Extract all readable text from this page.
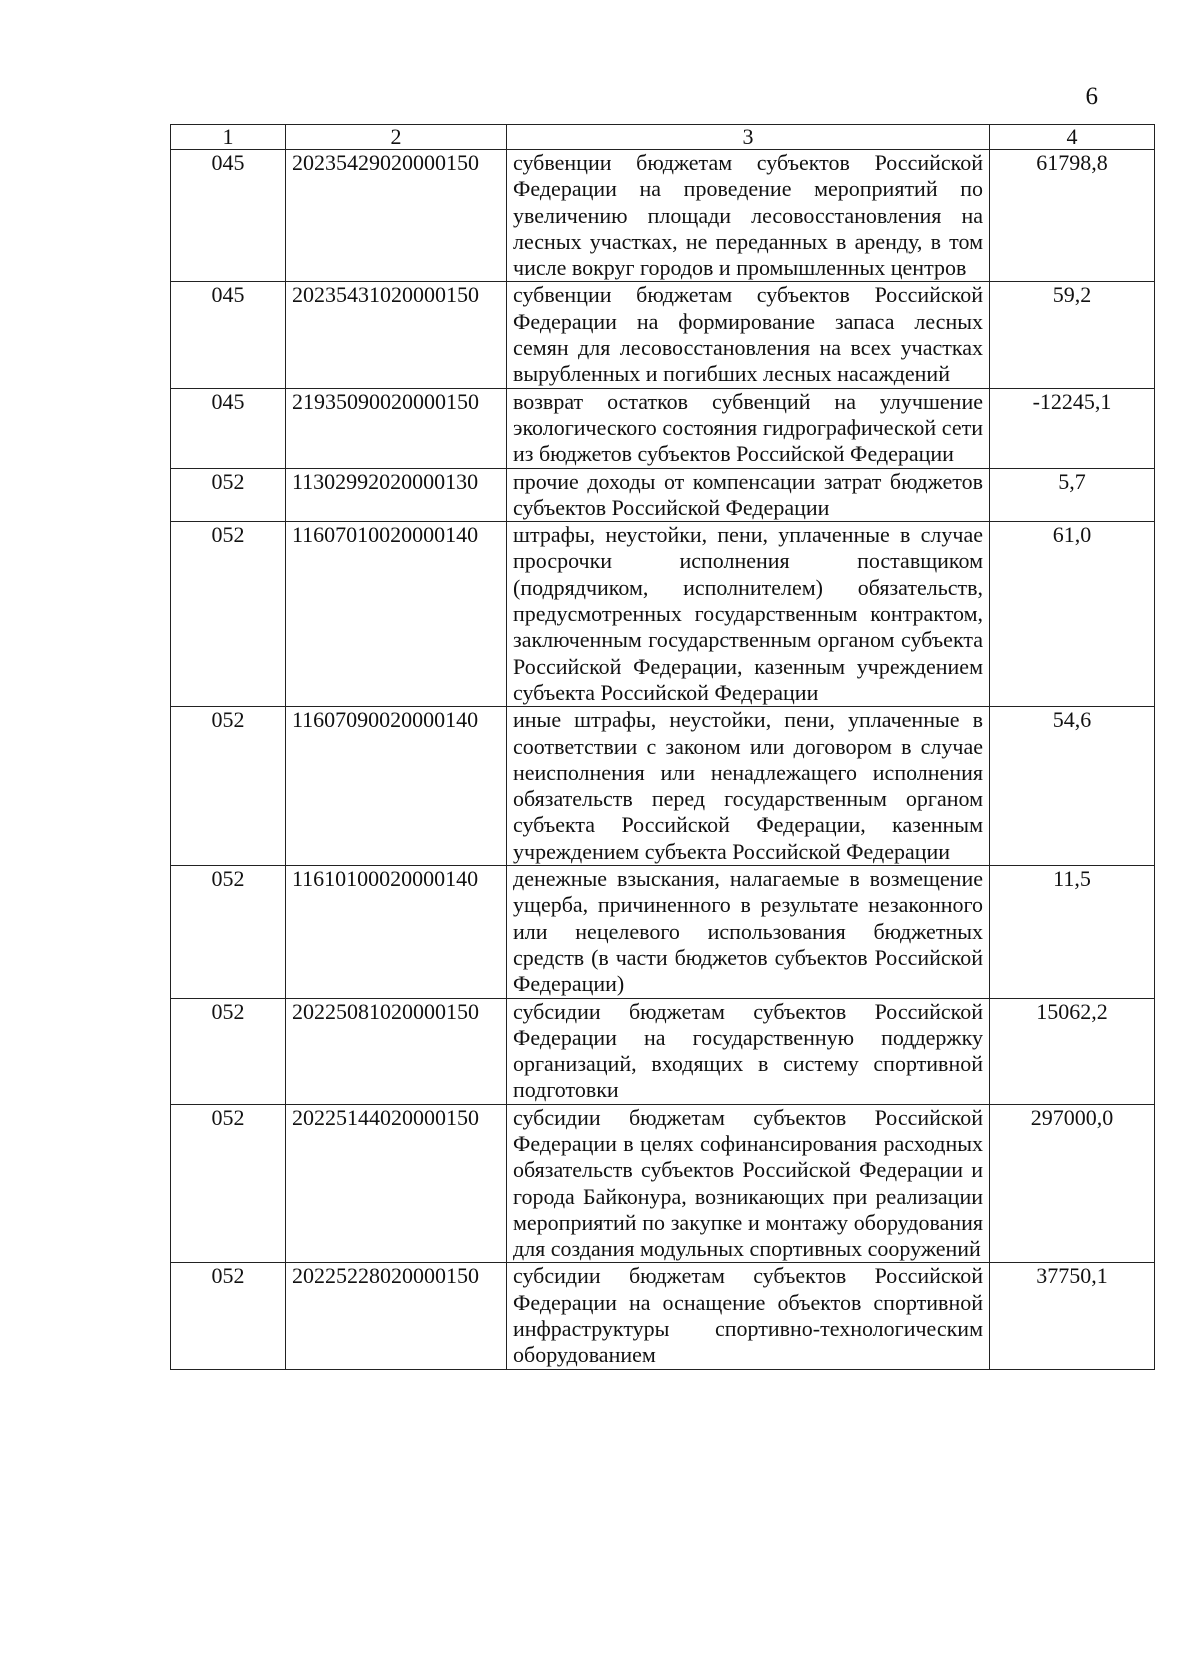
6
1	2	3	4
045	20235429020000150	субвенции бюджетам субъектов Российской Федерации на проведение мероприятий по увеличению площади лесовосстановления на лесных участках, не переданных в аренду, в том числе вокруг городов и промышленных центров	61798,8
045	20235431020000150	субвенции бюджетам субъектов Российской Федерации на формирование запаса лесных семян для лесовосстановления на всех участках вырубленных и погибших лесных насаждений	59,2
045	21935090020000150	возврат остатков субвенций на улучшение экологического состояния гидрографической сети из бюджетов субъектов Российской Федерации	-12245,1
052	11302992020000130	прочие доходы от компенсации затрат бюджетов субъектов Российской Федерации	5,7
052	11607010020000140	штрафы, неустойки, пени, уплаченные в случае просрочки исполнения поставщиком (подрядчиком, исполнителем) обязательств, предусмотренных государственным контрактом, заключенным государственным органом субъекта Российской Федерации, казенным учреждением субъекта Российской Федерации	61,0
052	11607090020000140	иные штрафы, неустойки, пени, уплаченные в соответствии с законом или договором в случае неисполнения или ненадлежащего исполнения обязательств перед государственным органом субъекта Российской Федерации, казенным учреждением субъекта Российской Федерации	54,6
052	11610100020000140	денежные взыскания, налагаемые в возмещение ущерба, причиненного в результате незаконного или нецелевого использования бюджетных средств (в части бюджетов субъектов Российской Федерации)	11,5
052	20225081020000150	субсидии бюджетам субъектов Российской Федерации на государственную поддержку организаций, входящих в систему спортивной подготовки	15062,2
052	20225144020000150	субсидии бюджетам субъектов Российской Федерации в целях софинансирования расходных обязательств субъектов Российской Федерации и города Байконура, возникающих при реализации мероприятий по закупке и монтажу оборудования для создания модульных спортивных сооружений	297000,0
052	20225228020000150	субсидии бюджетам субъектов Российской Федерации на оснащение объектов спортивной инфраструктуры спортивно-технологическим оборудованием	37750,1
